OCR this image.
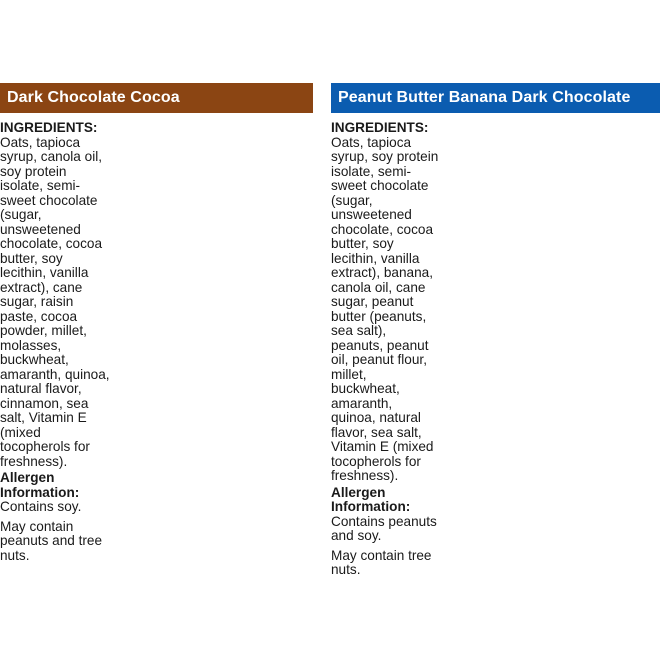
Dark Chocolate Cocoa
INGREDIENTS:
Oats, tapioca syrup, canola oil, soy protein isolate, semi-sweet chocolate (sugar, unsweetened chocolate, cocoa butter, soy lecithin, vanilla extract), cane sugar, raisin paste, cocoa powder, millet, molasses, buckwheat, amaranth, quinoa, natural flavor, cinnamon, sea salt, Vitamin E (mixed tocopherols for freshness).
Allergen Information:
Contains soy.
May contain peanuts and tree nuts.
Peanut Butter Banana Dark Chocolate
INGREDIENTS:
Oats, tapioca syrup, soy protein isolate, semi-sweet chocolate (sugar, unsweetened chocolate, cocoa butter, soy lecithin, vanilla extract), banana, canola oil, cane sugar, peanut butter (peanuts, sea salt), peanuts, peanut oil, peanut flour, millet, buckwheat, amaranth, quinoa, natural flavor, sea salt, Vitamin E (mixed tocopherols for freshness).
Allergen Information:
Contains peanuts and soy.
May contain tree nuts.
